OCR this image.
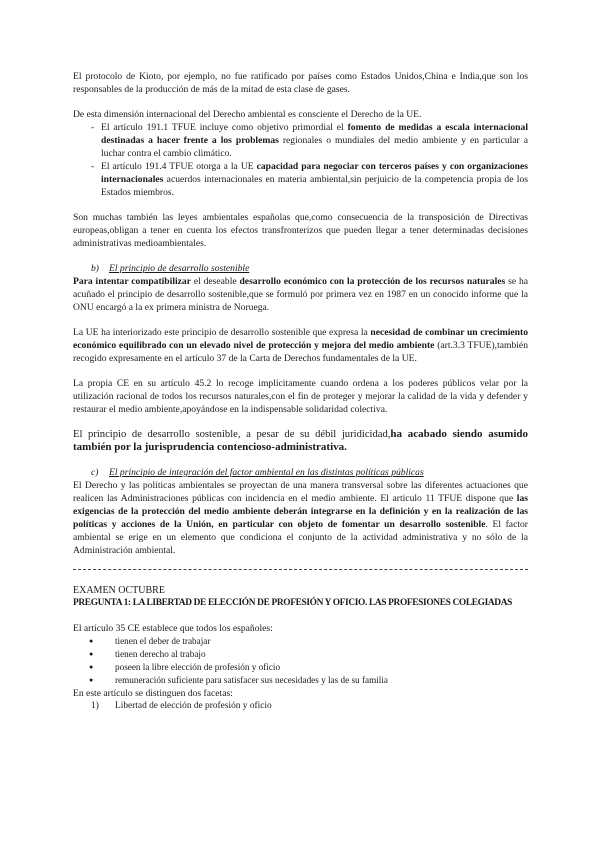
El protocolo de Kioto, por ejemplo, no fue ratificado por países como Estados Unidos,China e India,que son los responsables de la producción de más de la mitad de esta clase de gases.

De esta dimensión internacional del Derecho ambiental es consciente el Derecho de la UE.

- El artículo 191.1 TFUE incluye como objetivo primordial el fomento de medidas a escala internacional destinadas a hacer frente a los problemas regionales o mundiales del medio ambiente y en particular a luchar contra el cambio climático.
- El artículo 191.4 TFUE otorga a la UE capacidad para negociar con terceros países y con organizaciones internacionales acuerdos internacionales en materia ambiental,sin perjuicio de la competencia propia de los Estados miembros.

Son muchas también las leyes ambientales españolas que,como consecuencia de la transposición de Directivas europeas,obligan a tener en cuenta los efectos transfronterizos que pueden llegar a tener determinadas decisiones administrativas medioambientales.

b) El principio de desarrollo sostenible

Para intentar compatibilizar el deseable desarrollo económico con la protección de los recursos naturales se ha acuñado el principio de desarrollo sostenible,que se formuló por primera vez en 1987 en un conocido informe que la ONU encargó a la ex primera ministra de Noruega.

La UE ha interiorizado este principio de desarrollo sostenible que expresa la necesidad de combinar un crecimiento económico equilibrado con un elevado nivel de protección y mejora del medio ambiente (art.3.3 TFUE),también recogido expresamente en el artículo 37 de la Carta de Derechos fundamentales de la UE.

La propia CE en su artículo 45.2 lo recoge implícitamente cuando ordena a los poderes públicos velar por la utilización racional de todos los recursos naturales,con el fin de proteger y mejorar la calidad de la vida y defender y restaurar el medio ambiente,apoyándose en la indispensable solidaridad colectiva.

El principio de desarrollo sostenible, a pesar de su débil juridicidad,ha acabado siendo asumido también por la jurisprudencia contencioso-administrativa.

c) El principio de integración del factor ambiental en las distintas políticas públicas

El Derecho y las políticas ambientales se proyectan de una manera transversal sobre las diferentes actuaciones que realicen las Administraciones públicas con incidencia en el medio ambiente. El artículo 11 TFUE dispone que las exigencias de la protección del medio ambiente deberán integrarse en la definición y en la realización de las políticas y acciones de la Unión, en particular con objeto de fomentar un desarrollo sostenible. El factor ambiental se erige en un elemento que condiciona el conjunto de la actividad administrativa y no sólo de la Administración ambiental.

EXAMEN OCTUBRE
PREGUNTA 1: LA LIBERTAD DE ELECCIÓN DE PROFESIÓN Y OFICIO. LAS PROFESIONES COLEGIADAS

El artículo 35 CE establece que todos los españoles:

● tienen el deber de trabajar
● tienen derecho al trabajo
● poseen la libre elección de profesión y oficio
● remuneración suficiente para satisfacer sus necesidades y las de su familia

En este artículo se distinguen dos facetas:

1) Libertad de elección de profesión y oficio
